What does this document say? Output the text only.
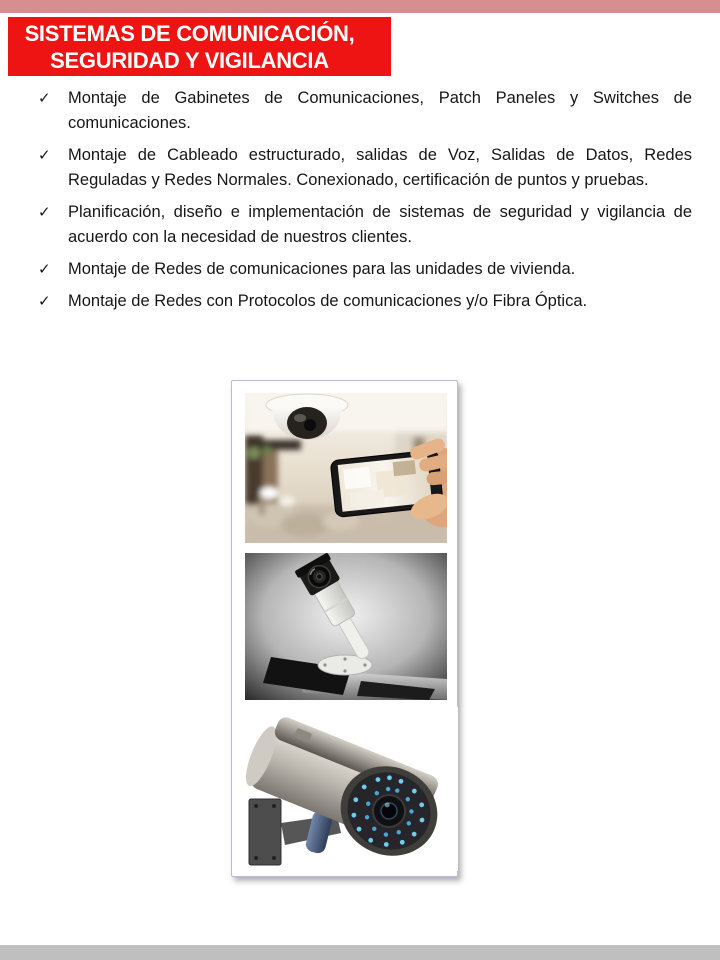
SISTEMAS DE COMUNICACIÓN,
SEGURIDAD Y VIGILANCIA
✓ Montaje de Gabinetes de Comunicaciones, Patch Paneles y Switches de comunicaciones.
✓ Montaje de Cableado estructurado, salidas de Voz, Salidas de Datos, Redes Reguladas y Redes Normales. Conexionado, certificación de puntos y pruebas.
✓ Planificación, diseño e implementación de sistemas de seguridad y vigilancia de acuerdo con la necesidad de nuestros clientes.
✓ Montaje de Redes de comunicaciones para las unidades de vivienda.
✓ Montaje de Redes con Protocolos de comunicaciones y/o Fibra Óptica.
